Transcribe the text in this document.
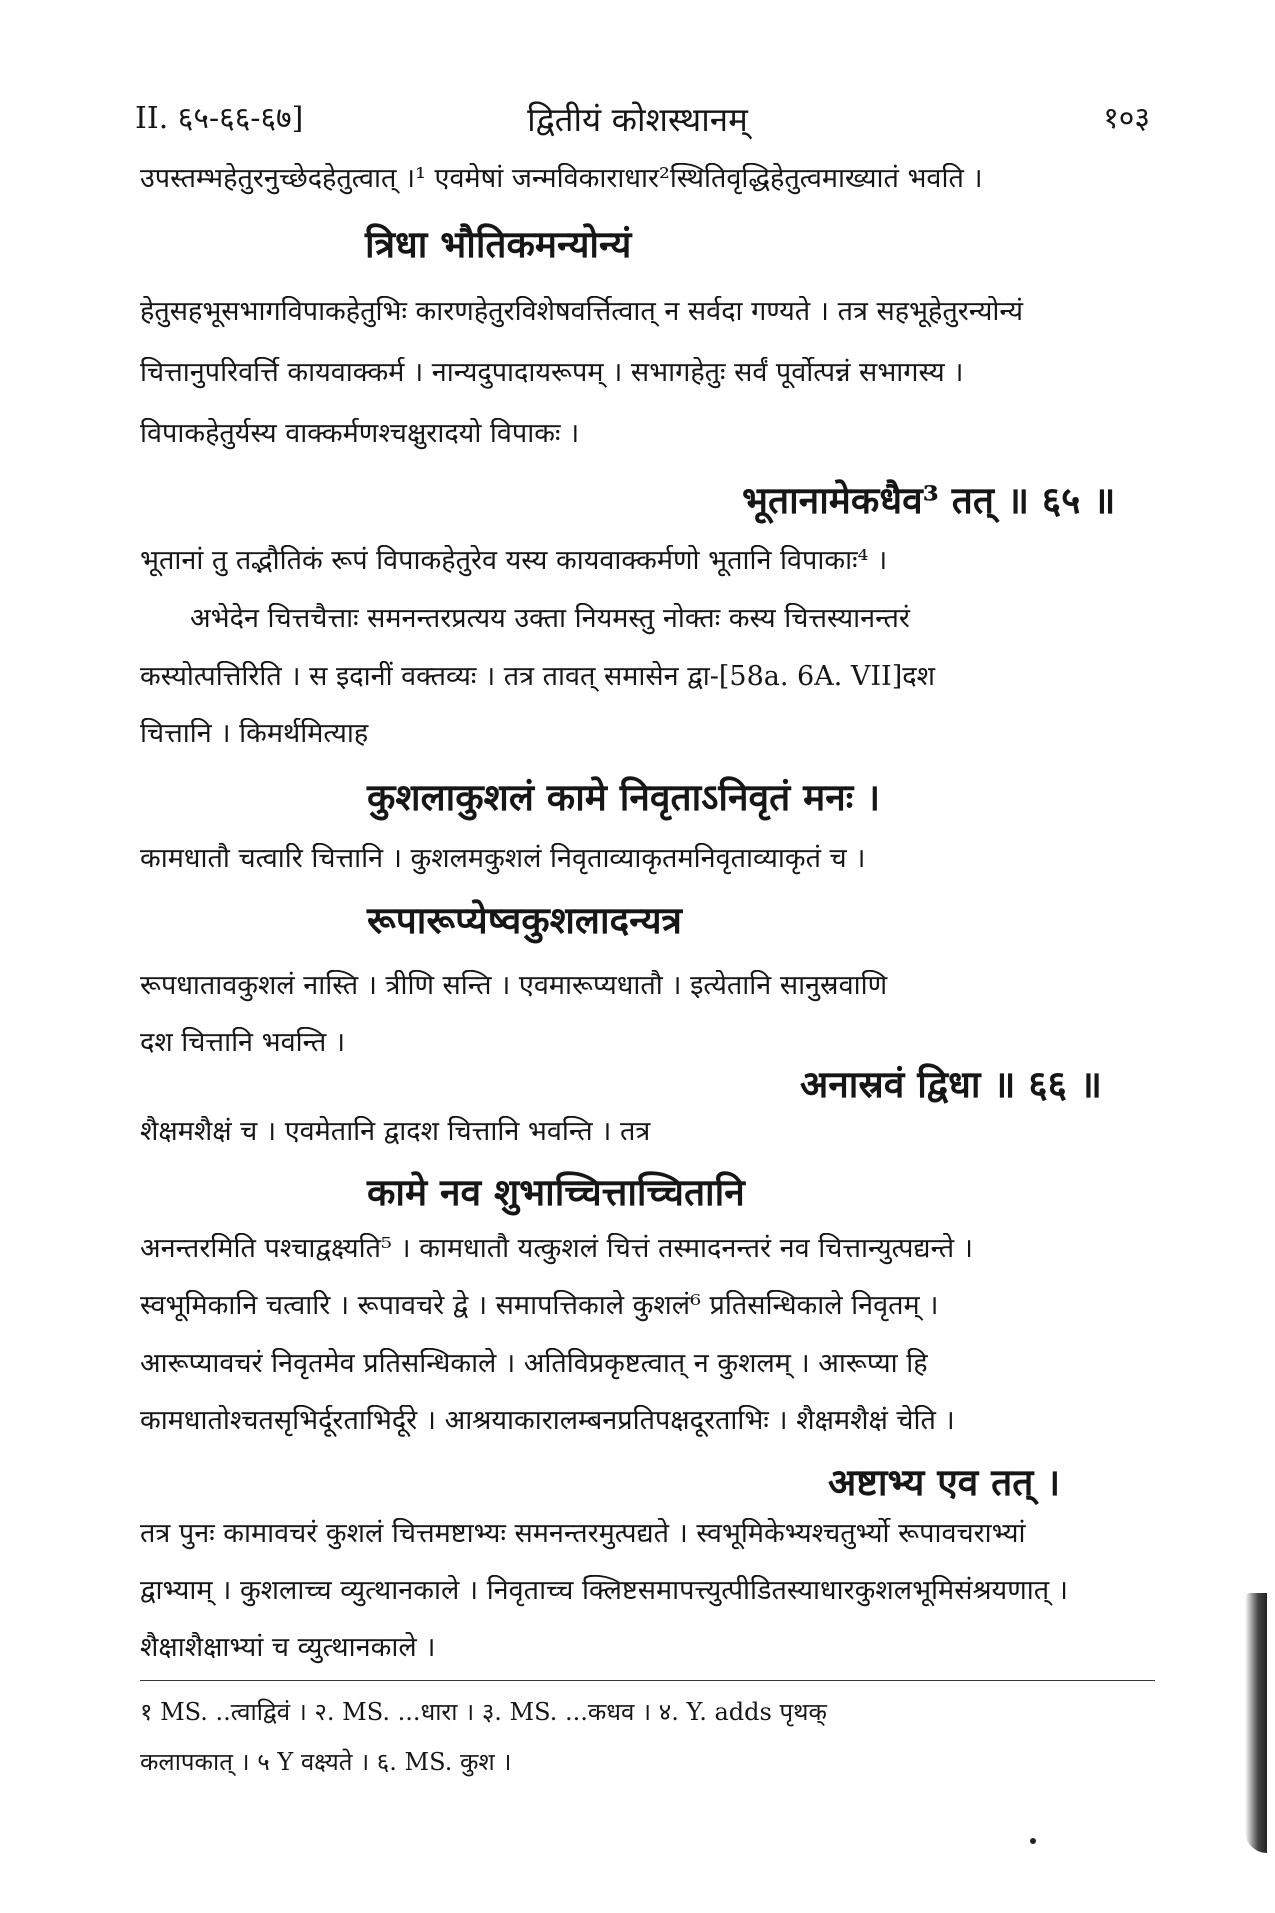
II. ६५-६६-६७]	द्वितीयं कोशस्थानम्	१०३
उपस्तम्भहेतुरनुच्छेदहेतुत्वात् ।¹ एवमेषां जन्मविकाराधार²स्थितिवृद्धिहेतुत्वमाख्यातं भवति ।
त्रिधा भौतिकमन्योन्यं
हेतुसहभूसभागविपाकहेतुभिः कारणहेतुरविशेषवर्त्तित्वात् न सर्वदा गण्यते । तत्र सहभूहेतुरन्योन्यं
चित्तानुपरिवर्त्ति कायवाक्कर्म । नान्यदुपादायरूपम् । सभागहेतुः सर्वं पूर्वोत्पन्नं सभागस्य ।
विपाकहेतुर्यस्य वाक्कर्मणश्चक्षुरादयो विपाकः ।
भूतानामेकधैव³ तत् ॥ ६५ ॥
भूतानां तु तद्भौतिकं रूपं विपाकहेतुरेव यस्य कायवाक्कर्मणो भूतानि विपाकाः⁴ ।
अभेदेन चित्तचैत्ताः समनन्तरप्रत्यय उक्ता नियमस्तु नोक्तः कस्य चित्तस्यानन्तरं
कस्योत्पत्तिरिति । स इदानीं वक्तव्यः । तत्र तावत् समासेन द्वा-[58a. 6A. VII]दश
चित्तानि । किमर्थमित्याह
कुशलाकुशलं कामे निवृताऽनिवृतं मनः ।
कामधातौ चत्वारि चित्तानि । कुशलमकुशलं निवृताव्याकृतमनिवृताव्याकृतं च ।
रूपारूप्येष्वकुशलादन्यत्र
रूपधातावकुशलं नास्ति । त्रीणि सन्ति । एवमारूप्यधातौ । इत्येतानि सानुस्रवाणि
दश चित्तानि भवन्ति ।
अनास्रवं द्विधा ॥ ६६ ॥
शैक्षमशैक्षं च । एवमेतानि द्वादश चित्तानि भवन्ति । तत्र
कामे नव शुभाच्चित्ताच्चितानि
अनन्तरमिति पश्चाद्वक्ष्यति⁵ । कामधातौ यत्कुशलं चित्तं तस्मादनन्तरं नव चित्तान्युत्पद्यन्ते ।
स्वभूमिकानि चत्वारि । रूपावचरे द्वे । समापत्तिकाले कुशलं⁶ प्रतिसन्धिकाले निवृतम् ।
आरूप्यावचरं निवृतमेव प्रतिसन्धिकाले । अतिविप्रकृष्टत्वात् न कुशलम् । आरूप्या हि
कामधातोश्चतसृभिर्दूरताभिर्दूरे । आश्रयाकारालम्बनप्रतिपक्षदूरताभिः । शैक्षमशैक्षं चेति ।
अष्टाभ्य एव तत् ।
तत्र पुनः कामावचरं कुशलं चित्तमष्टाभ्यः समनन्तरमुत्पद्यते । स्वभूमिकेभ्यश्चतुर्भ्यो रूपावचराभ्यां
द्वाभ्याम् । कुशलाच्च व्युत्थानकाले । निवृताच्च क्लिष्टसमापत्त्युत्पीडितस्याधारकुशलभूमिसंश्रयणात् ।
शैक्षाशैक्षाभ्यां च व्युत्थानकाले ।
१ MS. ..त्वाद्विवं । २. MS. ...धारा । ३. MS. ...कधव । ४. Y. adds पृथक्
कलापकात् । ५ Y वक्ष्यते । ६. MS. कुश ।
